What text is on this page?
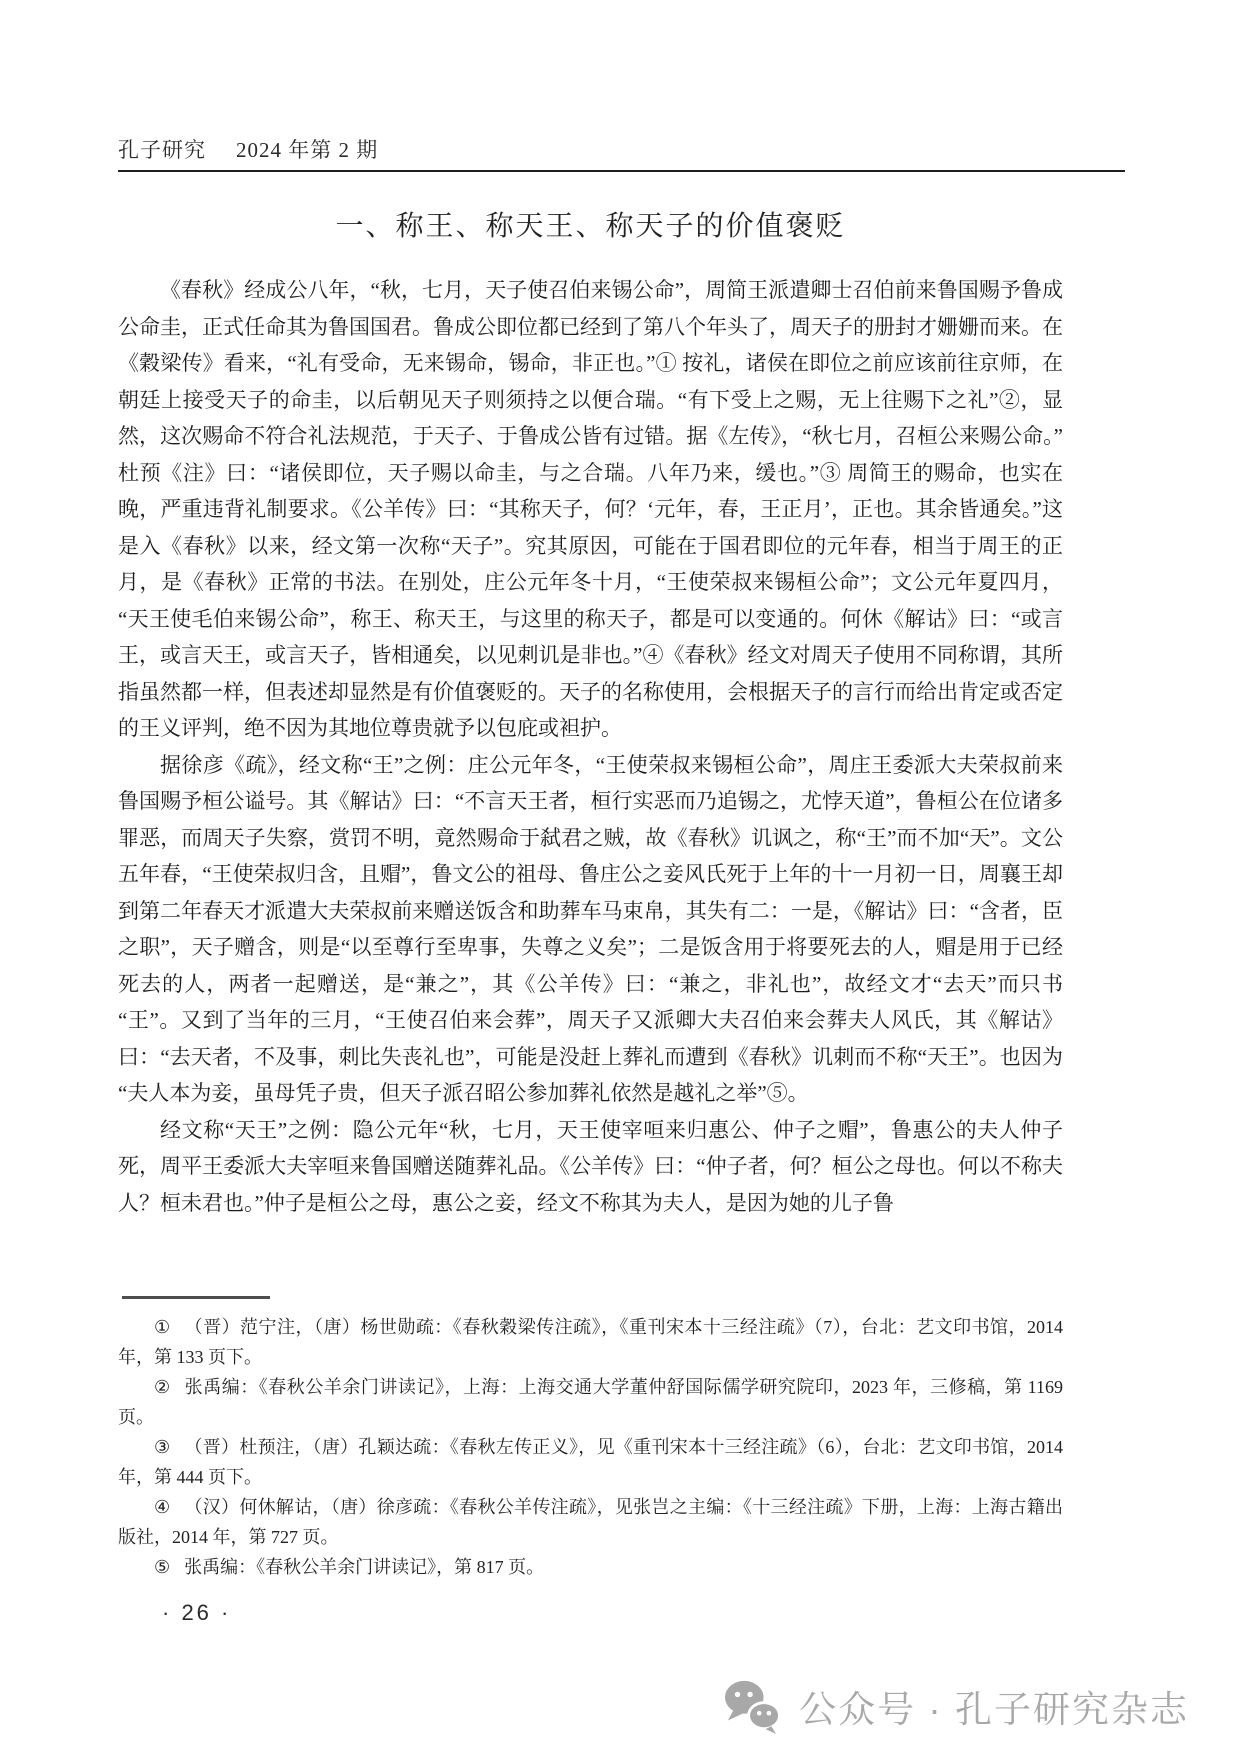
孔子研究 2024 年第 2 期
一、称王、称天王、称天子的价值褒贬

《春秋》经成公八年，“秋，七月，天子使召伯来锡公命”，周简王派遣卿士召伯前来鲁国赐予鲁成公命圭，正式任命其为鲁国国君。鲁成公即位都已经到了第八个年头了，周天子的册封才姗姗而来。在《穀梁传》看来，“礼有受命，无来锡命，锡命，非正也。”① 按礼，诸侯在即位之前应该前往京师，在朝廷上接受天子的命圭，以后朝见天子则须持之以便合瑞。“有下受上之赐，无上往赐下之礼”②，显然，这次赐命不符合礼法规范，于天子、于鲁成公皆有过错。据《左传》，“秋七月，召桓公来赐公命。”杜预《注》曰：“诸侯即位，天子赐以命圭，与之合瑞。八年乃来，缓也。”③ 周简王的赐命，也实在晚，严重违背礼制要求。《公羊传》曰：“其称天子，何？‘元年，春，王正月’，正也。其余皆通矣。”这是入《春秋》以来，经文第一次称“天子”。究其原因，可能在于国君即位的元年春，相当于周王的正月，是《春秋》正常的书法。在别处，庄公元年冬十月，“王使荣叔来锡桓公命”；文公元年夏四月，“天王使毛伯来锡公命”，称王、称天王，与这里的称天子，都是可以变通的。何休《解诂》曰：“或言王，或言天王，或言天子，皆相通矣，以见刺讥是非也。”④《春秋》经文对周天子使用不同称谓，其所指虽然都一样，但表述却显然是有价值褒贬的。天子的名称使用，会根据天子的言行而给出肯定或否定的王义评判，绝不因为其地位尊贵就予以包庇或袒护。

据徐彦《疏》，经文称“王”之例：庄公元年冬，“王使荣叔来锡桓公命”，周庄王委派大夫荣叔前来鲁国赐予桓公谥号。其《解诂》曰：“不言天王者，桓行实恶而乃追锡之，尤悖天道”，鲁桓公在位诸多罪恶，而周天子失察，赏罚不明，竟然赐命于弑君之贼，故《春秋》讥讽之，称“王”而不加“天”。文公五年春，“王使荣叔归含，且赗”，鲁文公的祖母、鲁庄公之妾风氏死于上年的十一月初一日，周襄王却到第二年春天才派遣大夫荣叔前来赠送饭含和助葬车马束帛，其失有二：一是，《解诂》曰：“含者，臣之职”，天子赠含，则是“以至尊行至卑事，失尊之义矣”；二是饭含用于将要死去的人，赗是用于已经死去的人，两者一起赠送，是“兼之”，其《公羊传》曰：“兼之，非礼也”，故经文才“去天”而只书“王”。又到了当年的三月，“王使召伯来会葬”，周天子又派卿大夫召伯来会葬夫人风氏，其《解诂》曰：“去天者，不及事，刺比失丧礼也”，可能是没赶上葬礼而遭到《春秋》讥刺而不称“天王”。也因为“夫人本为妾，虽母凭子贵，但天子派召昭公参加葬礼依然是越礼之举”⑤。

经文称“天王”之例：隐公元年“秋，七月，天王使宰咺来归惠公、仲子之赗”，鲁惠公的夫人仲子死，周平王委派大夫宰咺来鲁国赠送随葬礼品。《公羊传》曰：“仲子者，何？桓公之母也。何以不称夫人？桓未君也。”仲子是桓公之母，惠公之妾，经文不称其为夫人，是因为她的儿子鲁

① （晋）范宁注，（唐）杨世勋疏：《春秋穀梁传注疏》，《重刊宋本十三经注疏》（7），台北：艺文印书馆，2014 年，第 133 页下。

② 张禹编：《春秋公羊余门讲读记》，上海：上海交通大学董仲舒国际儒学研究院印，2023 年，三修稿，第 1169 页。

③ （晋）杜预注，（唐）孔颖达疏：《春秋左传正义》，见《重刊宋本十三经注疏》（6），台北：艺文印书馆，2014 年，第 444 页下。

④ （汉）何休解诂，（唐）徐彦疏：《春秋公羊传注疏》，见张岂之主编：《十三经注疏》下册，上海：上海古籍出版社，2014 年，第 727 页。

⑤ 张禹编：《春秋公羊余门讲读记》，第 817 页。

· 26 ·
公众号 · 孔子研究杂志
